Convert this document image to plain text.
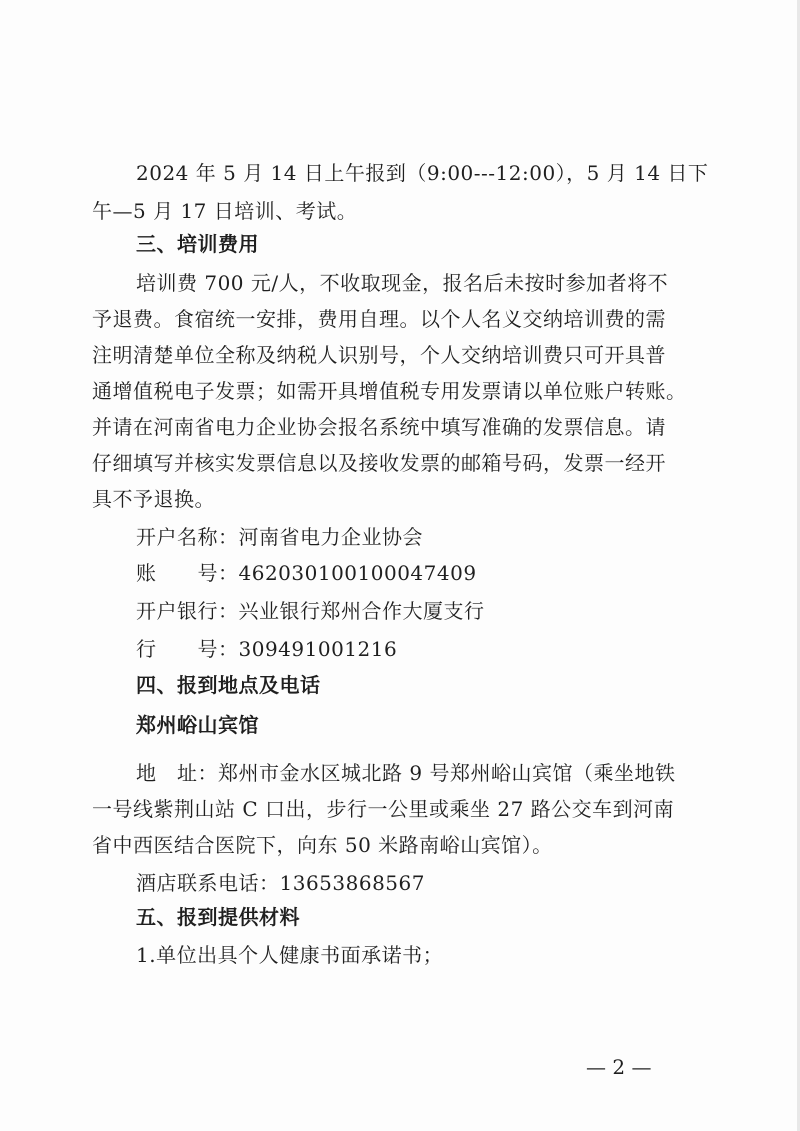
2024 年 5 月 14 日上午报到（9:00---12:00），5 月 14 日下
午—5 月 17 日培训、考试。
三、培训费用
培训费 700 元/人，不收取现金，报名后未按时参加者将不
予退费。食宿统一安排，费用自理。以个人名义交纳培训费的需
注明清楚单位全称及纳税人识别号，个人交纳培训费只可开具普
通增值税电子发票；如需开具增值税专用发票请以单位账户转账。
并请在河南省电力企业协会报名系统中填写准确的发票信息。请
仔细填写并核实发票信息以及接收发票的邮箱号码，发票一经开
具不予退换。
开户名称：河南省电力企业协会
账　　号：462030100100047409
开户银行：兴业银行郑州合作大厦支行
行　　号：309491001216
四、报到地点及电话
郑州峪山宾馆
地　址：郑州市金水区城北路 9 号郑州峪山宾馆（乘坐地铁
一号线紫荆山站 C 口出，步行一公里或乘坐 27 路公交车到河南
省中西医结合医院下，向东 50 米路南峪山宾馆）。
酒店联系电话：13653868567
五、报到提供材料
1.单位出具个人健康书面承诺书；
— 2 —
